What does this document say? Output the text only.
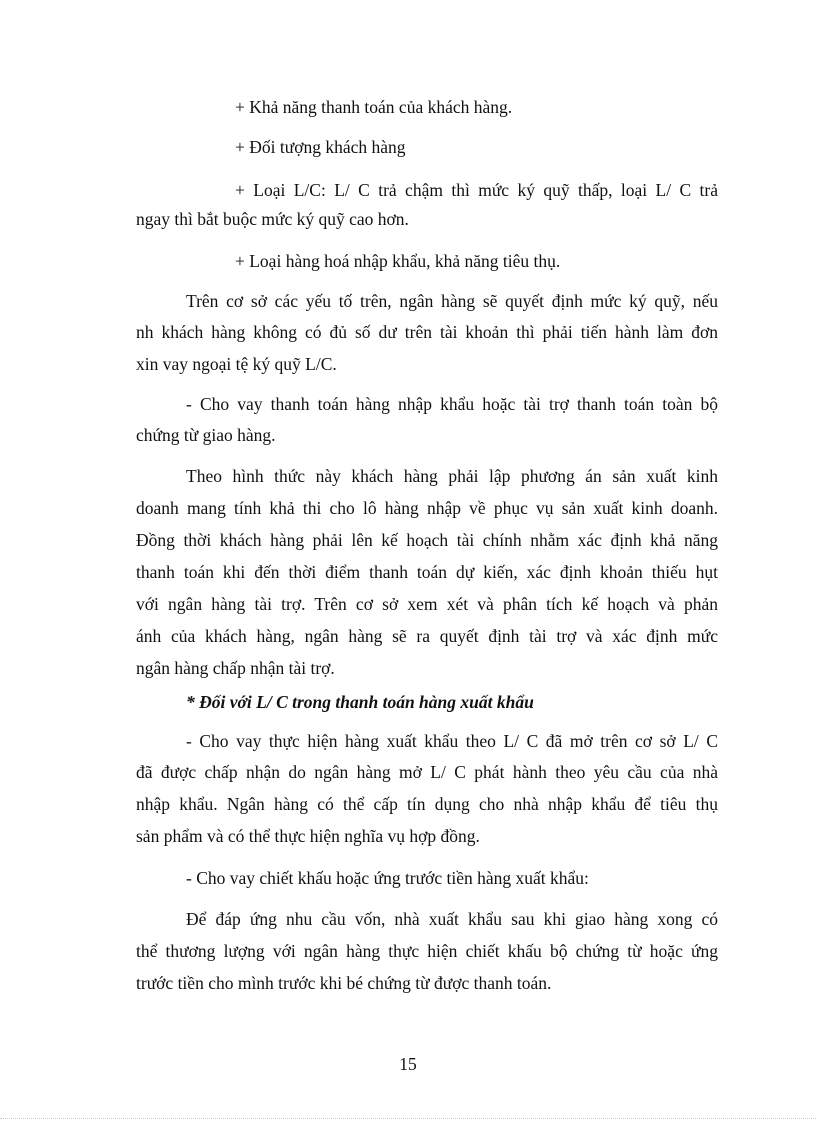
+ Khả năng thanh toán của khách hàng.
+ Đối tượng khách hàng
+ Loại L/C: L/ C trả chậm thì mức ký quỹ thấp, loại L/ C trả
ngay thì bắt buộc mức ký quỹ cao hơn.
+ Loại hàng hoá nhập khẩu, khả năng tiêu thụ.
Trên cơ sở các yếu tố trên, ngân hàng sẽ quyết định mức ký quỹ, nếu
nh khách hàng không có đủ số dư trên tài khoản thì phải tiến hành làm đơn
xin vay ngoại tệ ký quỹ L/C.
- Cho vay thanh toán hàng nhập khẩu hoặc tài trợ thanh toán toàn bộ
chứng từ giao hàng.
Theo hình thức này khách hàng phải lập phương án sản xuất kinh
doanh mang tính khả thi cho lô hàng nhập về phục vụ sản xuất kinh doanh.
Đồng thời khách hàng phải lên kế hoạch tài chính nhằm xác định khả năng
thanh toán khi đến thời điểm thanh toán dự kiến, xác định khoản thiếu hụt
với ngân hàng tài trợ. Trên cơ sở xem xét và phân tích kế hoạch và phản
ánh của khách hàng, ngân hàng sẽ ra quyết định tài trợ và xác định mức
ngân hàng chấp nhận tài trợ.
* Đối với L/ C trong thanh toán hàng xuất khẩu
- Cho vay thực hiện hàng xuất khẩu theo L/ C đã mở trên cơ sở L/ C
đã được chấp nhận do ngân hàng mở L/ C phát hành theo yêu cầu của nhà
nhập khẩu. Ngân hàng có thể cấp tín dụng cho nhà nhập khẩu để tiêu thụ
sản phẩm và có thể thực hiện nghĩa vụ hợp đồng.
- Cho vay chiết khấu hoặc ứng trước tiền hàng xuất khẩu:
Để đáp ứng nhu cầu vốn, nhà xuất khẩu sau khi giao hàng xong có
thể thương lượng với ngân hàng thực hiện chiết khấu bộ chứng từ hoặc ứng
trước tiền cho mình trước khi bé chứng từ được thanh toán.
15
